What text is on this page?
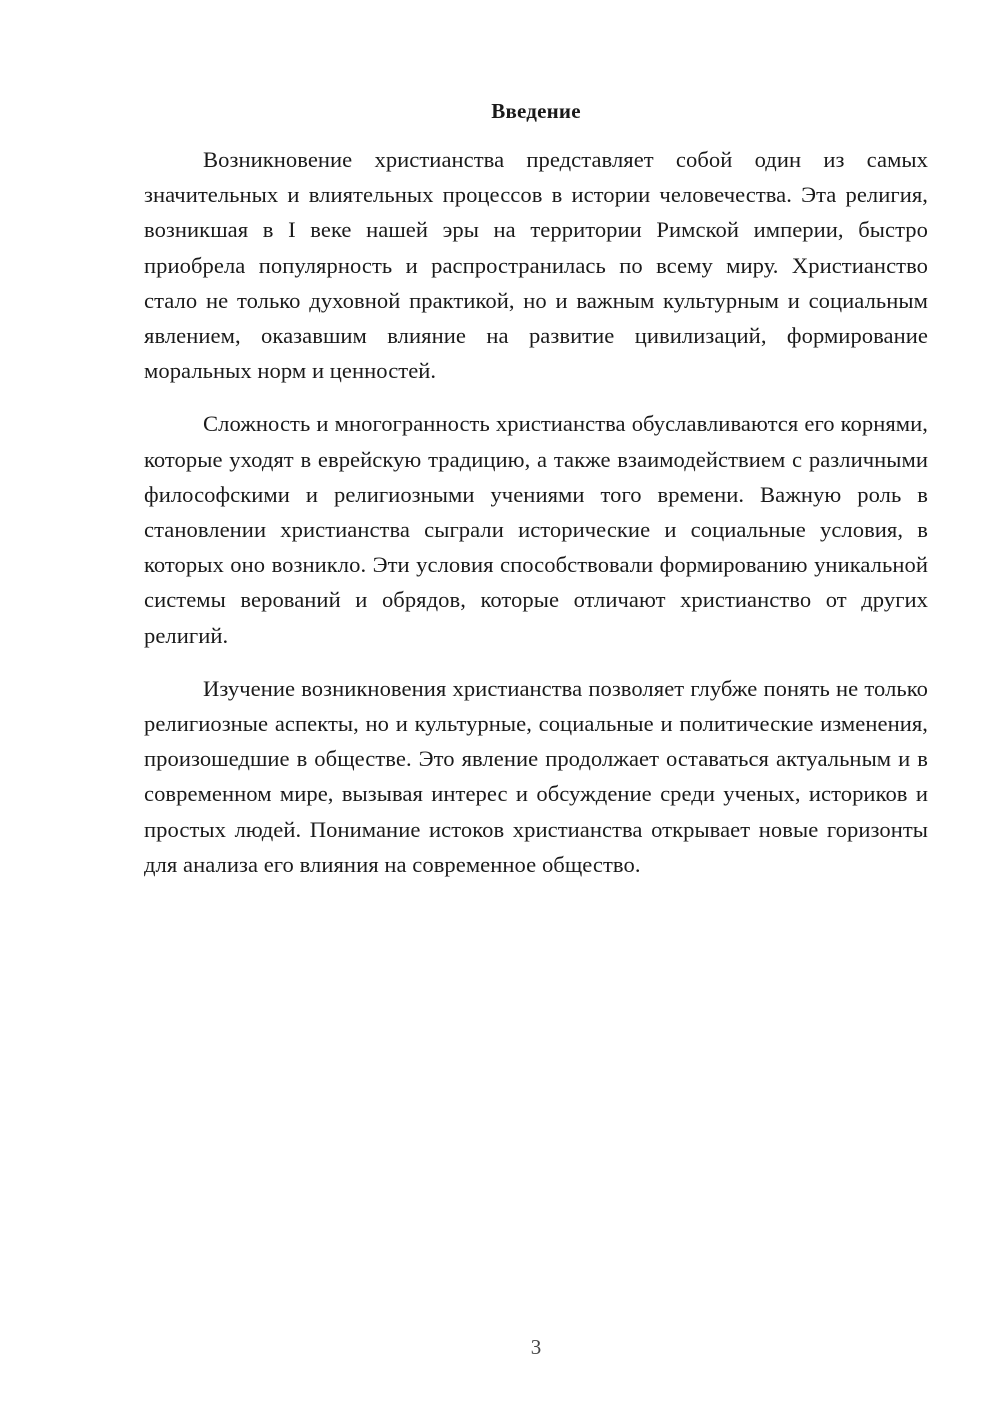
Введение

Возникновение христианства представляет собой один из самых значительных и влиятельных процессов в истории человечества. Эта религия, возникшая в I веке нашей эры на территории Римской империи, быстро приобрела популярность и распространилась по всему миру. Христианство стало не только духовной практикой, но и важным культурным и социальным явлением, оказавшим влияние на развитие цивилизаций, формирование моральных норм и ценностей.

Сложность и многогранность христианства обуславливаются его корнями, которые уходят в еврейскую традицию, а также взаимодействием с различными философскими и религиозными учениями того времени. Важную роль в становлении христианства сыграли исторические и социальные условия, в которых оно возникло. Эти условия способствовали формированию уникальной системы верований и обрядов, которые отличают христианство от других религий.

Изучение возникновения христианства позволяет глубже понять не только религиозные аспекты, но и культурные, социальные и политические изменения, произошедшие в обществе. Это явление продолжает оставаться актуальным и в современном мире, вызывая интерес и обсуждение среди ученых, историков и простых людей. Понимание истоков христианства открывает новые горизонты для анализа его влияния на современное общество.

3
